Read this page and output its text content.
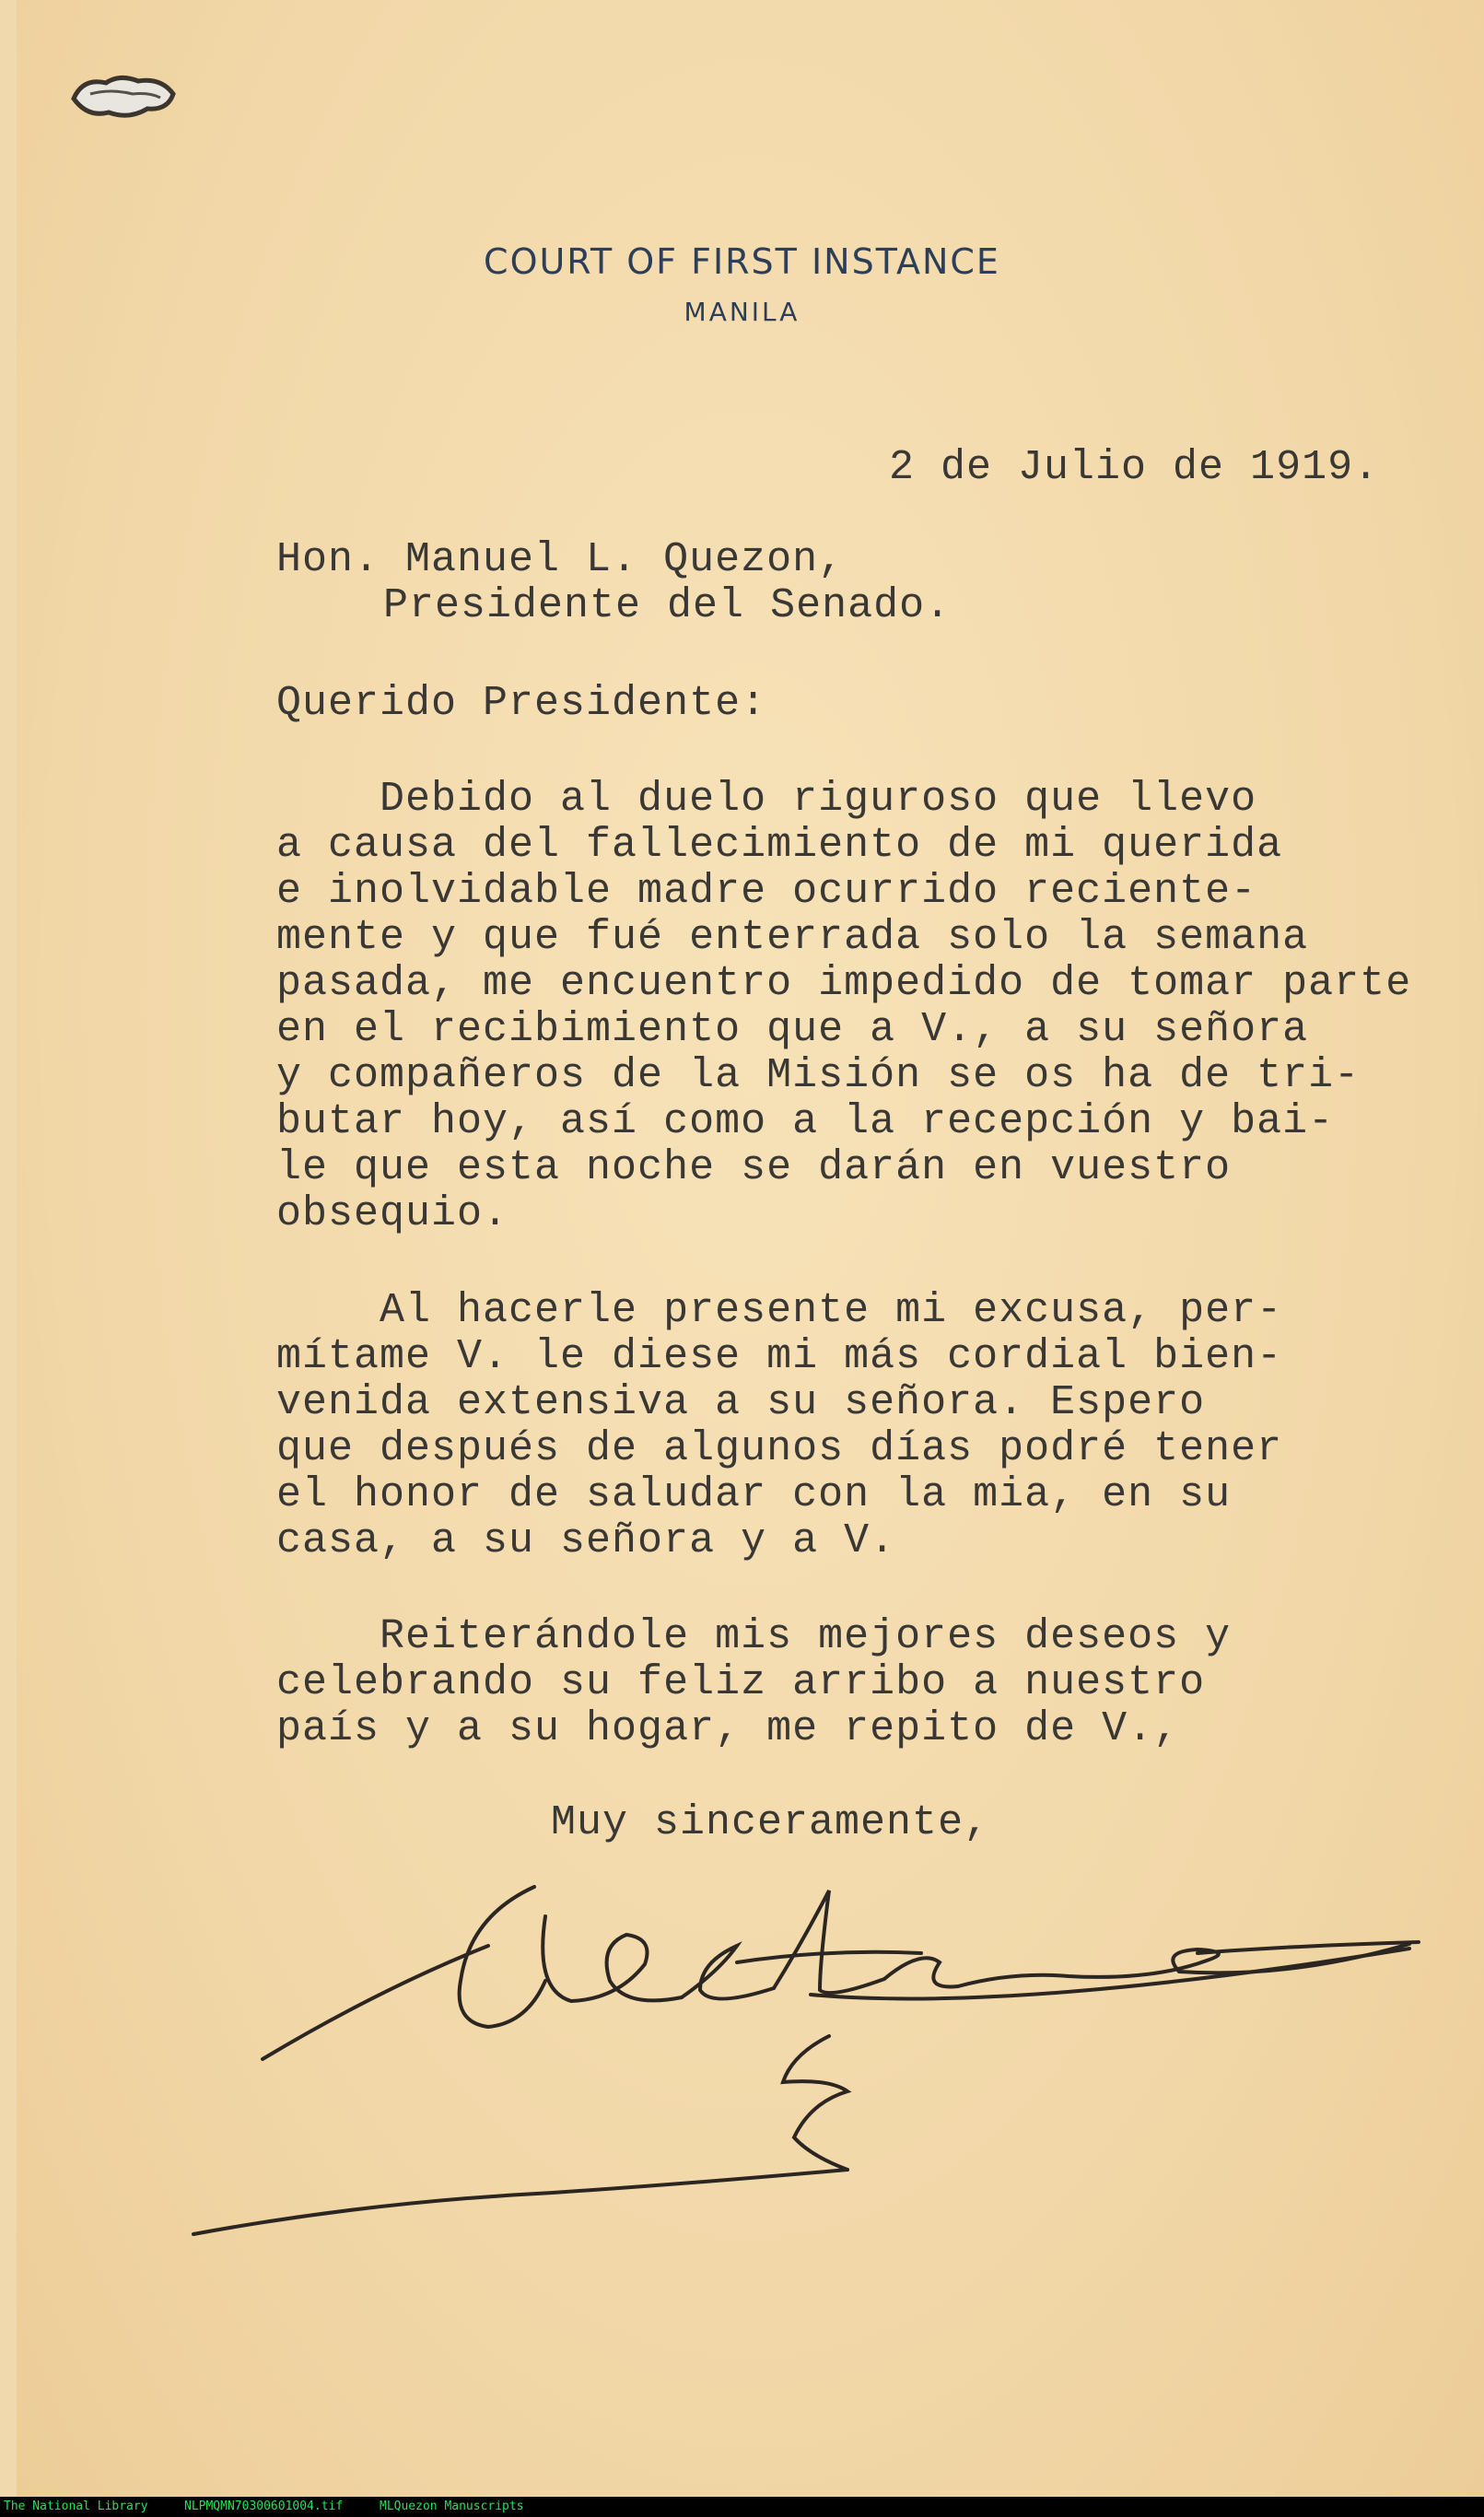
COURT OF FIRST INSTANCE
MANILA
2 de Julio de 1919.
Hon. Manuel L. Quezon,
Presidente del Senado.
Querido Presidente:
Debido al duelo riguroso que llevo
a causa del fallecimiento de mi querida
e inolvidable madre ocurrido reciente-
mente y que fué enterrada solo la semana
pasada, me encuentro impedido de tomar parte
en el recibimiento que a V., a su señora
y compañeros de la Misión se os ha de tri-
butar hoy, así como a la recepción y bai-
le que esta noche se darán en vuestro
obsequio.
Al hacerle presente mi excusa, per-
mítame V. le diese mi más cordial bien-
venida extensiva a su señora. Espero
que después de algunos días podré tener
el honor de saludar con la mia, en su
casa, a su señora y a V.
Reiterándole mis mejores deseos y
celebrando su feliz arribo a nuestro
país y a su hogar, me repito de V.,
Muy sinceramente,
The National Library	NLPMQMN70300601004.tif	MLQuezon Manuscripts
